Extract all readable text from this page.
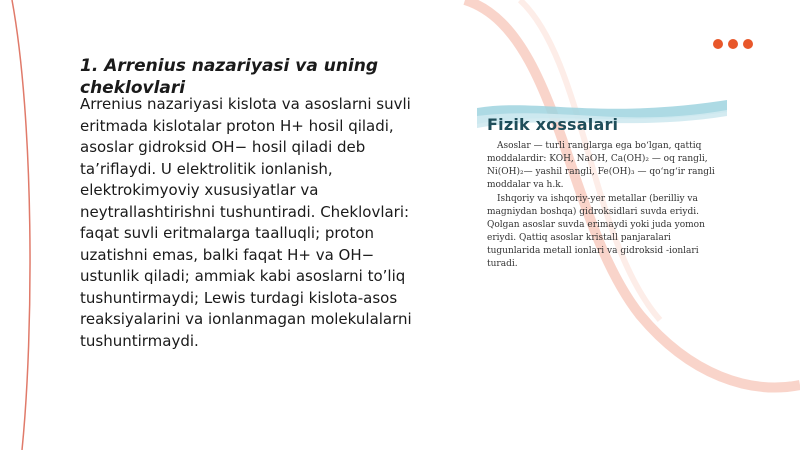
1. Arrenius nazariyasi va uning cheklovlari

Arrenius nazariyasi kislota va asoslarni suvli eritmada kislotalar proton H+ hosil qiladi, asoslar gidroksid OH− hosil qiladi deb ta’riflaydi. U elektrolitik ionlanish, elektrokimyoviy xususiyatlar va neytrallashtirishni tushuntiradi. Cheklovlari: faqat suvli eritmalarga taalluqli; proton uzatishni emas, balki faqat H+ va OH− ustunlik qiladi; ammiak kabi asoslarni to’liq tushuntirmaydi; Lewis turdagi kislota-asos reaksiyalarini va ionlanmagan molekulalarni tushuntirmaydi.

Fizik xossalari

Asoslar — turli ranglarga ega bo‘lgan, qattiq moddalardir: KOH, NaOH, Ca(OH)₂ — oq rangli, Ni(OH)₂— yashil rangli, Fe(OH)₃ — qo‘ng‘ir rangli moddalar va h.k.

Ishqoriy va ishqoriy-yer metallar (berilliy va magniydan boshqa) gidroksidlari suvda eriydi. Qolgan asoslar suvda erimaydi yoki juda yomon eriydi. Qattiq asoslar kristall panjaralari tugunlarida metall ionlari va gidroksid -ionlari turadi.
